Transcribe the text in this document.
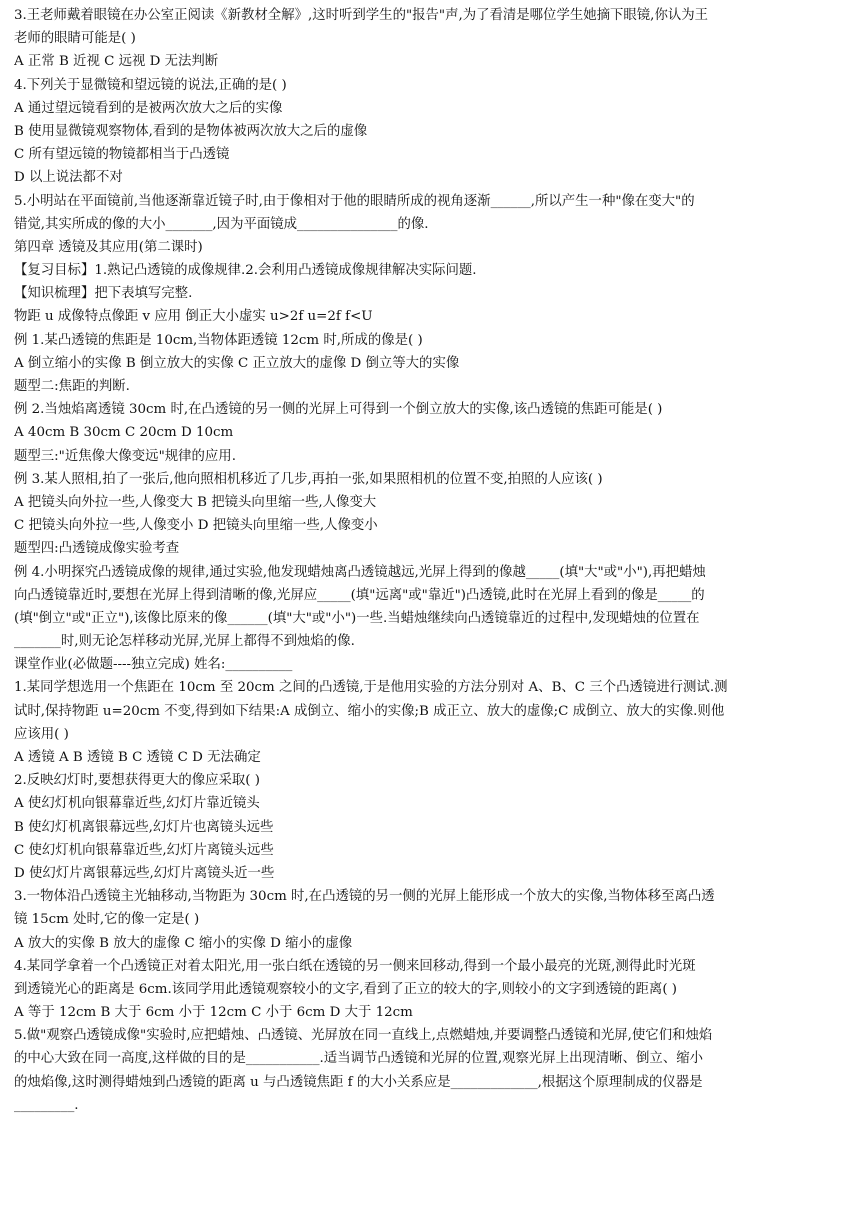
3.王老师戴着眼镜在办公室正阅读《新教材全解》,这时听到学生的"报告"声,为了看清是哪位学生她摘下眼镜,你认为王
老师的眼睛可能是( )
A 正常 B 近视 C 远视 D 无法判断
4.下列关于显微镜和望远镜的说法,正确的是( )
A 通过望远镜看到的是被两次放大之后的实像
B 使用显微镜观察物体,看到的是物体被两次放大之后的虚像
C 所有望远镜的物镜都相当于凸透镜
D 以上说法都不对
5.小明站在平面镜前,当他逐渐靠近镜子时,由于像相对于他的眼睛所成的视角逐渐______,所以产生一种"像在变大"的
错觉,其实所成的像的大小_______,因为平面镜成_______________的像.
第四章 透镜及其应用(第二课时)
【复习目标】1.熟记凸透镜的成像规律.2.会利用凸透镜成像规律解决实际问题.
【知识梳理】把下表填写完整.
物距 u 成像特点像距 v 应用 倒正大小虚实 u>2f u=2f f<U
例 1.某凸透镜的焦距是 10cm,当物体距透镜 12cm 时,所成的像是( )
A 倒立缩小的实像 B 倒立放大的实像 C 正立放大的虚像 D 倒立等大的实像
题型二:焦距的判断.
例 2.当烛焰离透镜 30cm 时,在凸透镜的另一侧的光屏上可得到一个倒立放大的实像,该凸透镜的焦距可能是( )
A 40cm B 30cm C 20cm D 10cm
题型三:"近焦像大像变远"规律的应用.
例 3.某人照相,拍了一张后,他向照相机移近了几步,再拍一张,如果照相机的位置不变,拍照的人应该( )
A 把镜头向外拉一些,人像变大 B 把镜头向里缩一些,人像变大
C 把镜头向外拉一些,人像变小 D 把镜头向里缩一些,人像变小
题型四:凸透镜成像实验考查
例 4.小明探究凸透镜成像的规律,通过实验,他发现蜡烛离凸透镜越远,光屏上得到的像越_____(填"大"或"小"),再把蜡烛
向凸透镜靠近时,要想在光屏上得到清晰的像,光屏应_____(填"远离"或"靠近")凸透镜,此时在光屏上看到的像是_____的
(填"倒立"或"正立"),该像比原来的像______(填"大"或"小")一些.当蜡烛继续向凸透镜靠近的过程中,发现蜡烛的位置在
_______时,则无论怎样移动光屏,光屏上都得不到烛焰的像.
课堂作业(必做题----独立完成) 姓名:__________
1.某同学想选用一个焦距在 10cm 至 20cm 之间的凸透镜,于是他用实验的方法分别对 A、B、C 三个凸透镜进行测试.测
试时,保持物距 u=20cm 不变,得到如下结果:A 成倒立、缩小的实像;B 成正立、放大的虚像;C 成倒立、放大的实像.则他
应该用( )
A 透镜 A B 透镜 B C 透镜 C D 无法确定
2.反映幻灯时,要想获得更大的像应采取( )
A 使幻灯机向银幕靠近些,幻灯片靠近镜头
B 使幻灯机离银幕远些,幻灯片也离镜头远些
C 使幻灯机向银幕靠近些,幻灯片离镜头远些
D 使幻灯片离银幕远些,幻灯片离镜头近一些
3.一物体沿凸透镜主光轴移动,当物距为 30cm 时,在凸透镜的另一侧的光屏上能形成一个放大的实像,当物体移至离凸透
镜 15cm 处时,它的像一定是( )
A 放大的实像 B 放大的虚像 C 缩小的实像 D 缩小的虚像
4.某同学拿着一个凸透镜正对着太阳光,用一张白纸在透镜的另一侧来回移动,得到一个最小最亮的光斑,测得此时光斑
到透镜光心的距离是 6cm.该同学用此透镜观察较小的文字,看到了正立的较大的字,则较小的文字到透镜的距离( )
A 等于 12cm B 大于 6cm 小于 12cm C 小于 6cm D 大于 12cm
5.做"观察凸透镜成像"实验时,应把蜡烛、凸透镜、光屏放在同一直线上,点燃蜡烛,并要调整凸透镜和光屏,使它们和烛焰
的中心大致在同一高度,这样做的目的是___________.适当调节凸透镜和光屏的位置,观察光屏上出现清晰、倒立、缩小
的烛焰像,这时测得蜡烛到凸透镜的距离 u 与凸透镜焦距 f 的大小关系应是_____________,根据这个原理制成的仪器是
_________.
